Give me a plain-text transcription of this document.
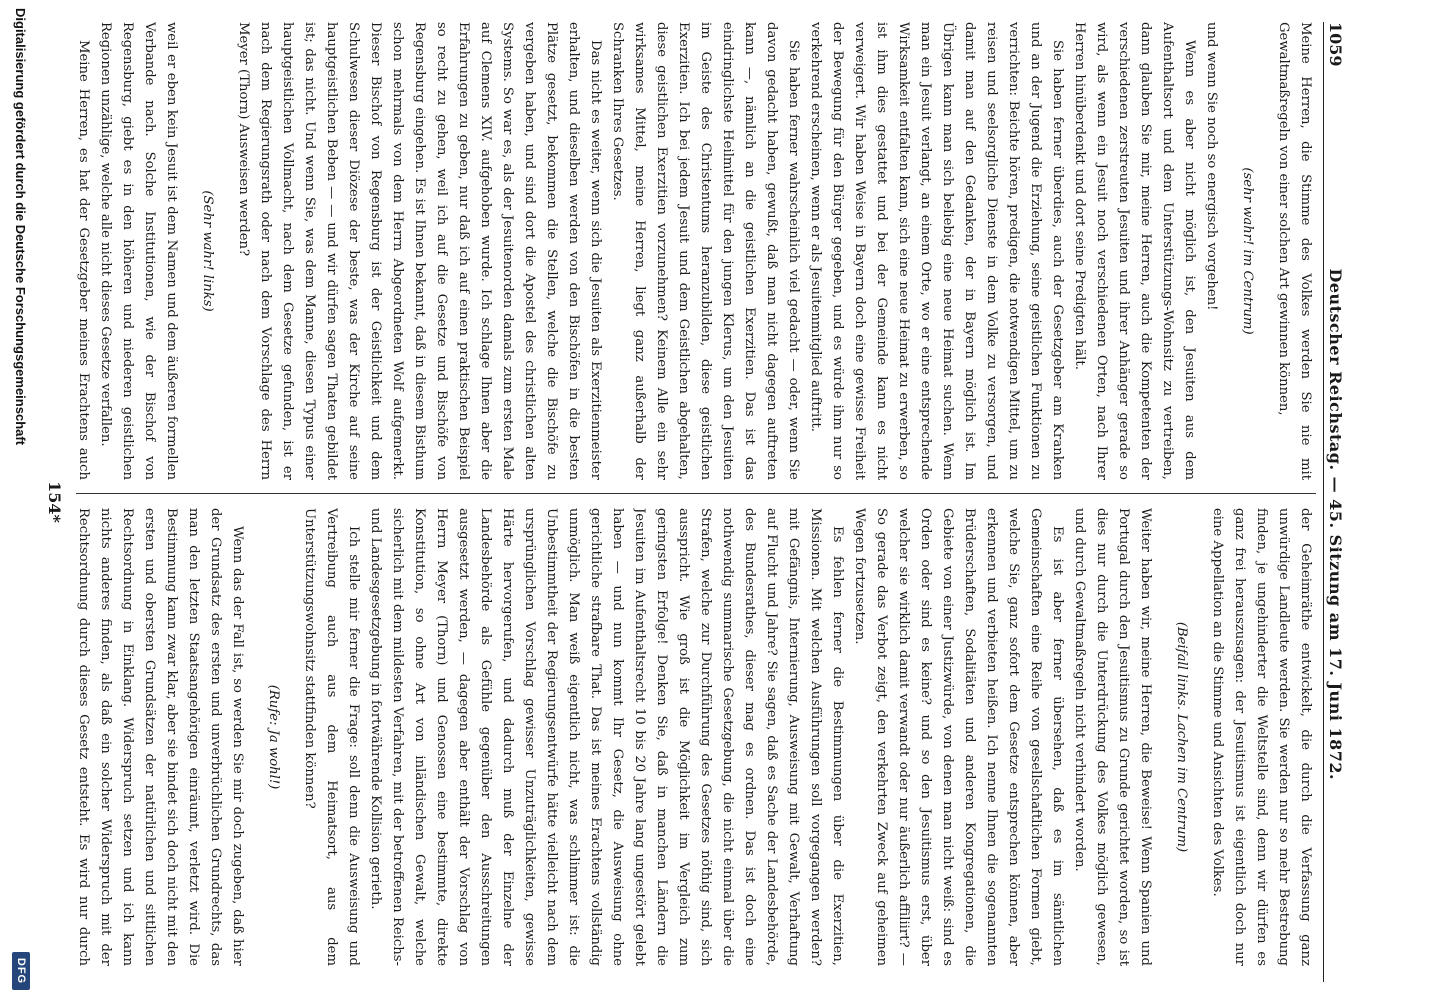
1059
Deutscher Reichstag. — 45. Sitzung am 17. Juni 1872.

Meine Herren, die Stimme des Volkes werden Sie nie mit Gewaltmaßregeln von einer solchen Art gewinnen können,

(sehr wahr! im Centrum)

und wenn Sie noch so energisch vorgehen!

Wenn es aber nicht möglich ist, den Jesuiten aus dem Aufenthaltsort und dem Unterstützungs-Wohnsitz zu vertreiben, dann glauben Sie mir, meine Herren, auch die Kompetenten der verschiedenen zerstreuten Jesuiten und ihrer Anhänger gerade so wird, als wenn ein Jesuit noch verschiedenen Orten, nach Ihrer Herren hinüberdenkt und dort seine Predigten hält.

Sie haben ferner überdies, auch der Gesetzgeber am Kranken und an der Jugend die Erziehung, seine geistlichen Funktionen zu verrichten: Beichte hören, predigen, die notwendigen Mittel, um zu reisen und seelsorgliche Dienste in dem Volke zu versorgen, und damit man auf den Gedanken, der in Bayern möglich ist. Im Übrigen kann man sich beliebig eine neue Heimat suchen. Wenn man ein Jesuit verlangt, an einem Orte, wo er eine entsprechende Wirksamkeit entfalten kann, sich eine neue Heimat zu erwerben, so ist ihm dies gestattet und bei der Gemeinde kann es nicht verweigert. Wir haben Weise in Bayern doch eine gewisse Freiheit der Bewegung für den Bürger gegeben, und es würde ihm nur so verkehrend erscheinen, wenn er als Jesuitenmitglied auftritt.

Sie haben ferner wahrscheinlich viel gedacht — oder, wenn Sie davon gedacht haben, gewußt, daß man nicht dagegen auftreten kann —, nämlich an die geistlichen Exerzitien. Das ist das eindringlichste Heilmittel für den jungen Klerus, um den Jesuiten im Geiste des Christentums heranzubilden, diese geistlichen Exerzitien. Ich bei jedem Jesuit und dem Geistlichen abgehalten, diese geistlichen Exerzitien vorzunehmen? Keinem Alle ein sehr wirksames Mittel, meine Herren, liegt ganz außerhalb der Schranken Ihres Gesetzes.

Das nicht es weiter, wenn sich die Jesuiten als Exerzitienmeister erhalten, und dieselben werden von den Bischöfen in die besten Plätze gesetzt, bekommen die Stellen, welche die Bischöfe zu vergeben haben, und sind dort die Apostel des christlichen alten Systems. So war es, als der Jesuitenorden damals zum ersten Male auf Clemens XIV. aufgehoben wurde. Ich schlage Ihnen aber die Erfahrungen zu geben, nur daß ich auf einen praktischen Beispiel so recht zu gehen, weil ich auf die Gesetze und Bischöfe von Regensburg eingehen. Es ist Ihnen bekannt, daß in diesem Bisthum schon mehrmals von dem Herrn Abgeordneten Wolf aufgemerkt. Dieser Bischof von Regensburg ist der Geistlichkeit und dem Schulwesen dieser Diözese der beste, was der Kirche auf seine hauptgeistlichen Beben — — und wir dürfen sagen Thaten gebildet ist; das nicht. Und wenn Sie, was dem Manne, diesen Typus einer hauptgeistlichen Vollmacht, nach dem Gesetze gefunden, ist er nach dem Regierungsrath oder nach dem Vorschlage des Herrn Meyer (Thorn) Ausweisen werden?

(Sehr wahr! links)

weil er eben kein Jesuit ist dem Namen und dem äußeren formellen Verbande nach. Solche Institutionen, wie der Bischof von Regensburg, giebt es in den höheren und niederen geistlichen Regionen unzählige, welche alle nicht dieses Gesetze verfallen.

Meine Herren, es hat der Gesetzgeber meines Erachtens auch

der Geheimräthe entwickelt, die durch die Verfassung ganz unwürdige Landleute werden. Sie werden nur so mehr Bestrebung finden, je ungehinderter die Weltstelle sind, denn wir dürfen es ganz frei herauszusagen: der Jesuitismus ist eigentlich doch nur eine Appellation an die Stimme und Ansichten des Volkes.

(Beifall links. Lachen im Centrum)

Weiter haben wir, meine Herren, die Beweise! Wenn Spanien und Portugal durch den Jesuitismus zu Grunde gerichtet worden, so ist dies nur durch die Unterdrückung des Volkes möglich gewesen, und durch Gewaltmaßregeln nicht verhindert worden.

Es ist aber ferner übersehen, daß es im sämtlichen Gemeinschaften eine Reihe von gesellschaftlichen Formen giebt, welche Sie, ganz sofort dem Gesetze entsprechen können, aber erkennen und verbieten heißen. Ich nenne Ihnen die sogenannten Brüderschaften, Sodalitäten und anderen Kongregationen, die Gebiete von einer Justizwürde, von denen man nicht weiß: sind es Orden oder sind es keine? und so den Jesuitismus erst, über welcher sie wirklich damit verwandt oder nur äußerlich affiliirt? — So gerade das Verbot zeigt, den verkehrten Zweck auf geheimen Wegen fortzusetzen.

Es fehlen ferner die Bestimmungen über die Exerzitien, Missionen. Mit welchen Ausführungen soll vorgegangen werden? mit Gefängnis, Internierung, Ausweisung mit Gewalt, Verhaftung auf Flucht und Jahre? Sie sagen, daß es Sache der Landesbehörde, des Bundesrathes, dieser mag es ordnen. Das ist doch eine nothwendig summarische Gesetzgebung, die nicht einmal über die Strafen, welche zur Durchführung des Gesetzes nöthig sind, sich ausspricht. Wie groß ist die Möglichkeit im Vergleich zum geringsten Erfolge! Denken Sie, daß in manchen Ländern die Jesuiten im Aufenthaltsrecht 10 bis 20 Jahre lang ungestört gelebt haben — und nun kommt Ihr Gesetz, die Ausweisung ohne gerichtliche strafbare That. Das ist meines Erachtens vollständig unmöglich. Man weiß eigentlich nicht, was schlimmer ist: die Unbestimmtheit der Regierungsentwürfe hätte vielleicht nach dem ursprünglichen Vorschlag gewisser Unzuträglichkeiten, gewisse Härte hervorgerufen, und dadurch muß der Einzelne der Landesbehörde als Gefühle gegenüber den Ausschreitungen ausgesetzt werden, — dagegen aber enthält der Vorschlag von Herrn Meyer (Thorn) und Genossen eine bestimmte, direkte Konstitution, so ohne Art von inländischen Gewalt, welche sicherlich mit dem mildesten Verfahren, mit der betroffenen Reichs- und Landesgesetzgebung in fortwährende Kollision gerieth.

Ich stelle mir ferner die Frage: soll denn die Ausweisung und Vertreibung auch aus dem Heimatsort, aus dem Unterstützungswohnsitz stattfinden können?

(Rufe: Ja wohl!)

Wenn das der Fall ist, so werden Sie mir doch zugeben, daß hier der Grundsatz des ersten und unverbrüchlichen Grundrechts, das man den letzten Staatsangehörigen einräumt, verletzt wird. Die Bestimmung kann zwar klar, aber sie bindet sich doch nicht mit den ersten und obersten Grundsätzen der natürlichen und sittlichen Rechtsordnung in Einklang. Widerspruch setzen und ich kann nichts anderes finden, als daß ein solcher Widerspruch mit der Rechtsordnung durch dieses Gesetz entsteht. Es wird nur durch

154*
Digitalisierung gefördert durch die Deutsche Forschungsgemeinschaft
DFG
